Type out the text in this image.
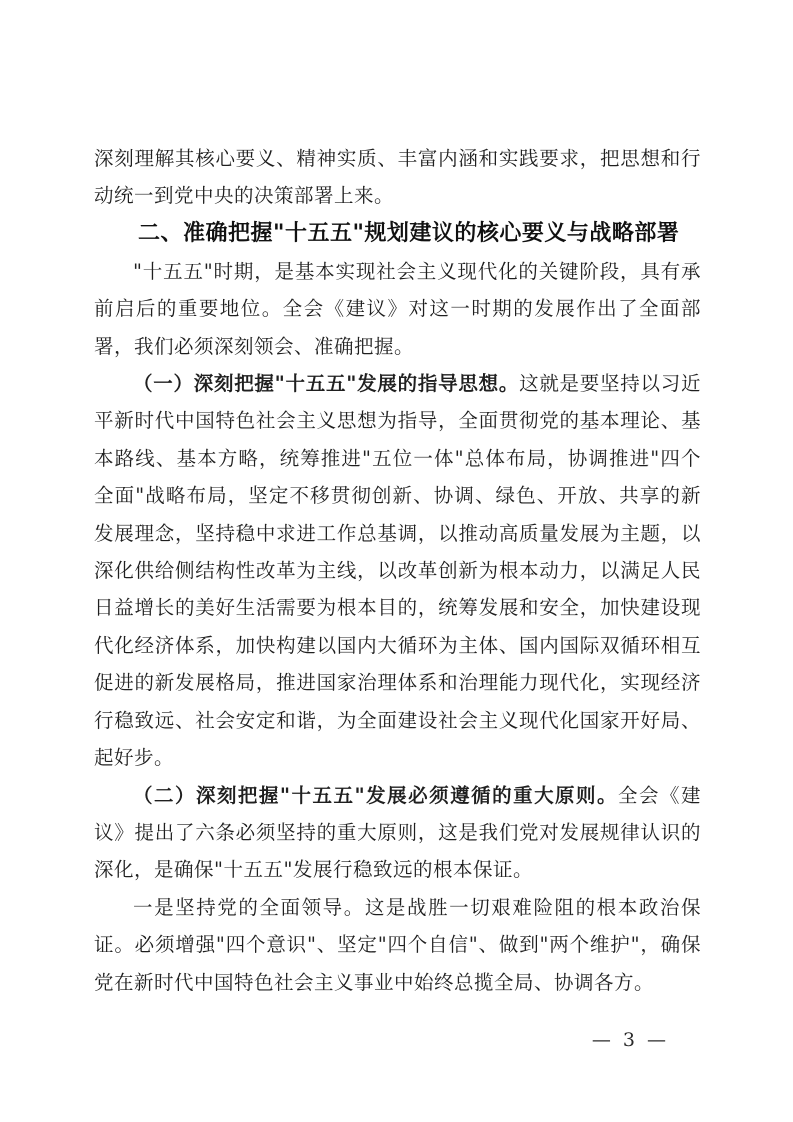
深刻理解其核心要义、精神实质、丰富内涵和实践要求，把思想和行动统一到党中央的决策部署上来。

二、准确把握"十五五"规划建议的核心要义与战略部署

"十五五"时期，是基本实现社会主义现代化的关键阶段，具有承前启后的重要地位。全会《建议》对这一时期的发展作出了全面部署，我们必须深刻领会、准确把握。

（一）深刻把握"十五五"发展的指导思想。这就是要坚持以习近平新时代中国特色社会主义思想为指导，全面贯彻党的基本理论、基本路线、基本方略，统筹推进"五位一体"总体布局，协调推进"四个全面"战略布局，坚定不移贯彻创新、协调、绿色、开放、共享的新发展理念，坚持稳中求进工作总基调，以推动高质量发展为主题，以深化供给侧结构性改革为主线，以改革创新为根本动力，以满足人民日益增长的美好生活需要为根本目的，统筹发展和安全，加快建设现代化经济体系，加快构建以国内大循环为主体、国内国际双循环相互促进的新发展格局，推进国家治理体系和治理能力现代化，实现经济行稳致远、社会安定和谐，为全面建设社会主义现代化国家开好局、起好步。

（二）深刻把握"十五五"发展必须遵循的重大原则。全会《建议》提出了六条必须坚持的重大原则，这是我们党对发展规律认识的深化，是确保"十五五"发展行稳致远的根本保证。

一是坚持党的全面领导。这是战胜一切艰难险阻的根本政治保证。必须增强"四个意识"、坚定"四个自信"、做到"两个维护"，确保党在新时代中国特色社会主义事业中始终总揽全局、协调各方。

— 3 —
